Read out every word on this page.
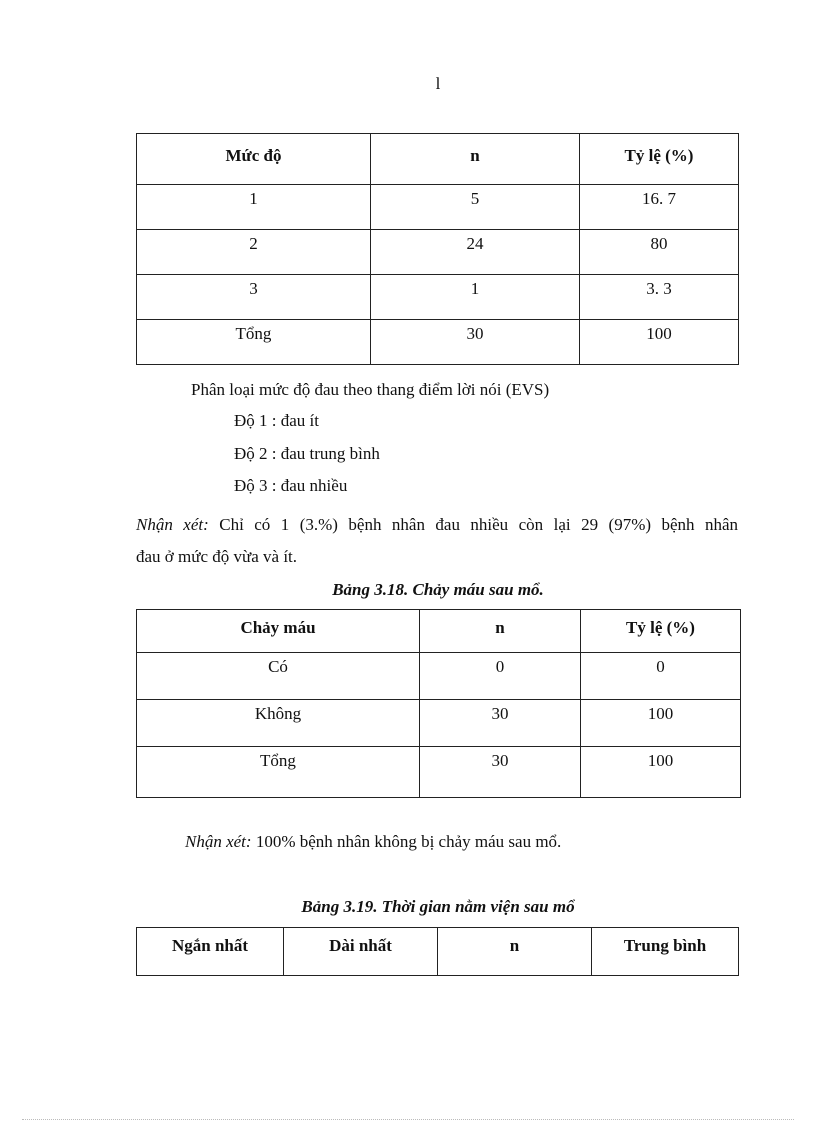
l
Mức độ	n	Tỷ lệ (%)
1	5	16. 7
2	24	80
3	1	3. 3
Tổng	30	100
Phân loại mức độ đau theo thang điểm lời nói (EVS)
Độ 1 : đau ít
Độ 2 : đau trung bình
Độ 3 : đau nhiều
Nhận xét: Chỉ có 1 (3.%) bệnh nhân đau nhiều còn lại 29 (97%) bệnh nhân
đau ở mức độ vừa và ít.
Bảng 3.18. Chảy máu sau mổ.
Chảy máu	n	Tỷ lệ (%)
Có	0	0
Không	30	100
Tổng	30	100
Nhận xét: 100% bệnh nhân không bị chảy máu sau mổ.
Bảng 3.19. Thời gian nằm viện sau mổ
Ngắn nhất	Dài nhất	n	Trung bình
